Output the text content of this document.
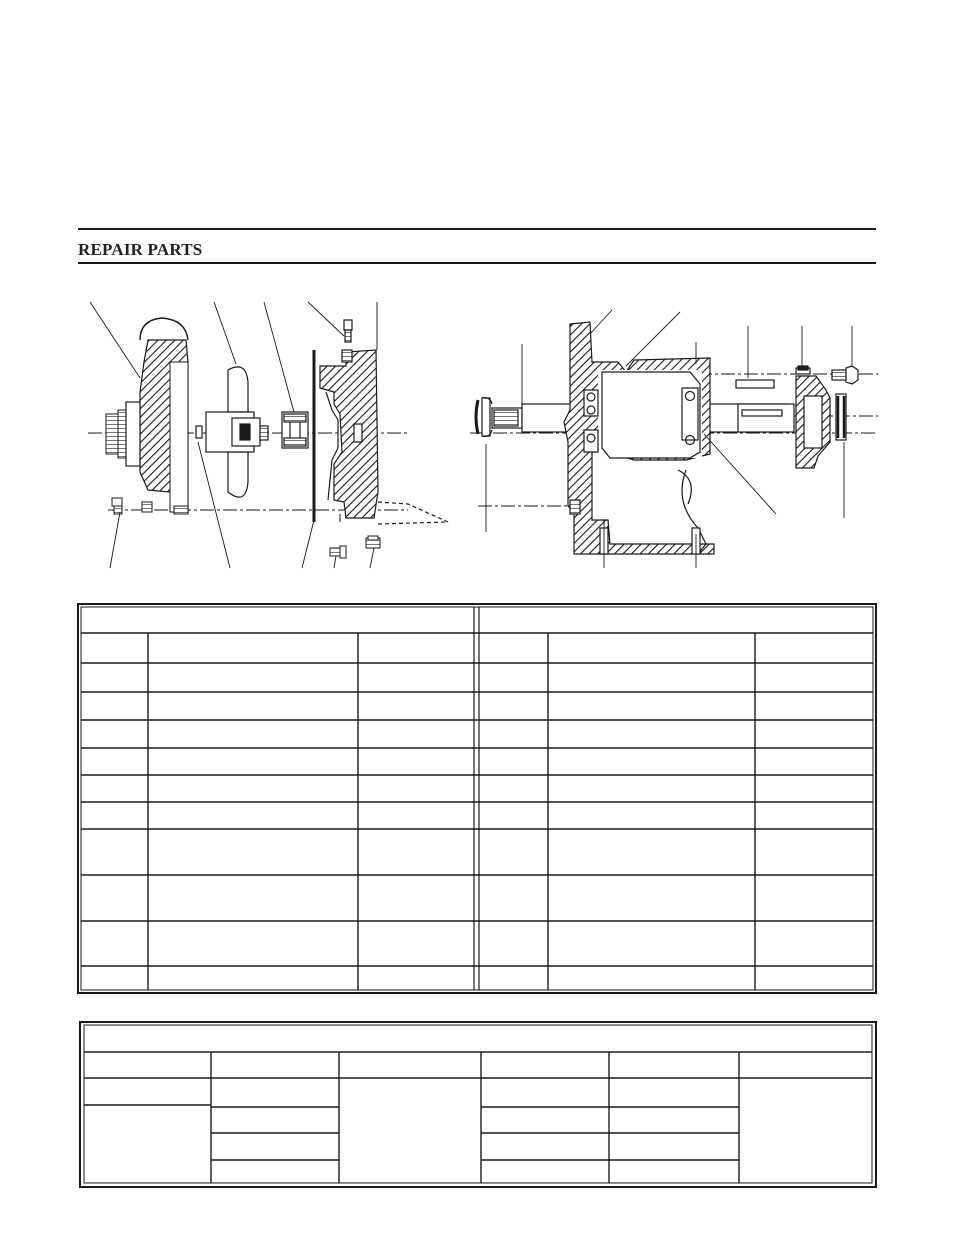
REPAIR PARTS
